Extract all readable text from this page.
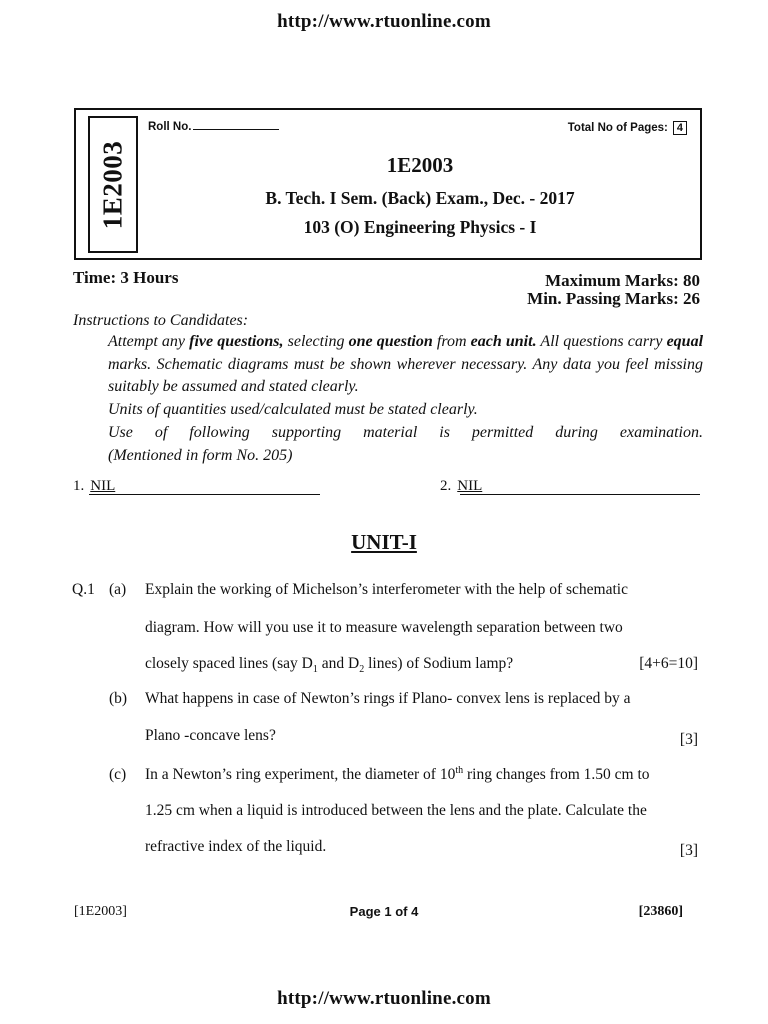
http://www.rtuonline.com
1E2003
Roll No.	Total No of Pages: 4
1E2003
B. Tech. I Sem. (Back) Exam., Dec. - 2017
103 (O) Engineering Physics - I
Time: 3 Hours	Maximum Marks: 80
Min. Passing Marks: 26
Instructions to Candidates:
Attempt any five questions, selecting one question from each unit. All questions carry equal marks. Schematic diagrams must be shown wherever necessary. Any data you feel missing suitably be assumed and stated clearly.
Units of quantities used/calculated must be stated clearly.
Use of following supporting material is permitted during examination.
(Mentioned in form No. 205)
1. NIL	2. NIL
UNIT-I
Q.1 (a) Explain the working of Michelson’s interferometer with the help of schematic
diagram. How will you use it to measure wavelength separation between two
closely spaced lines (say $D_1$ and $D_2$ lines) of Sodium lamp?	[4+6=10]
(b) What happens in case of Newton’s rings if Plano- convex lens is replaced by a
Plano -concave lens?	[3]
(c) In a Newton’s ring experiment, the diameter of 10th ring changes from 1.50 cm to
1.25 cm when a liquid is introduced between the lens and the plate. Calculate the
refractive index of the liquid.	[3]
[1E2003]	Page 1 of 4	[23860]
http://www.rtuonline.com
